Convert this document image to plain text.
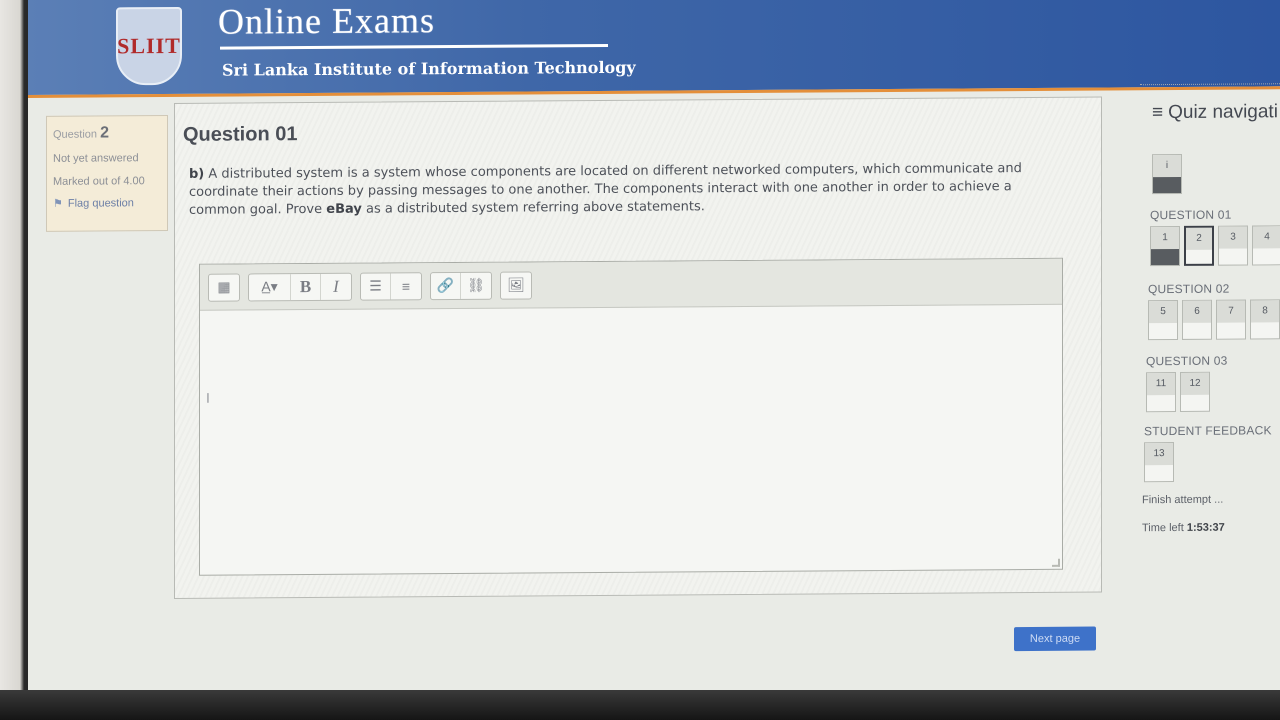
SLIIT
Online Exams
Sri Lanka Institute of Information Technology
Question 2
Not yet answered
Marked out of 4.00
⚑ Flag question
Question 01
b) A distributed system is a system whose components are located on different networked computers, which communicate and coordinate their actions by passing messages to one another. The components interact with one another in order to achieve a common goal. Prove eBay as a distributed system referring above statements.
▦	A̲▾	B	I	☰	≡	🔗 ⛓	🖼
I
Next page
≡ Quiz navigati
i
QUESTION 01
1	2	3	4
QUESTION 02
5	6	7	8
QUESTION 03
11	12
STUDENT FEEDBACK
13
Finish attempt ...
Time left 1:53:37
